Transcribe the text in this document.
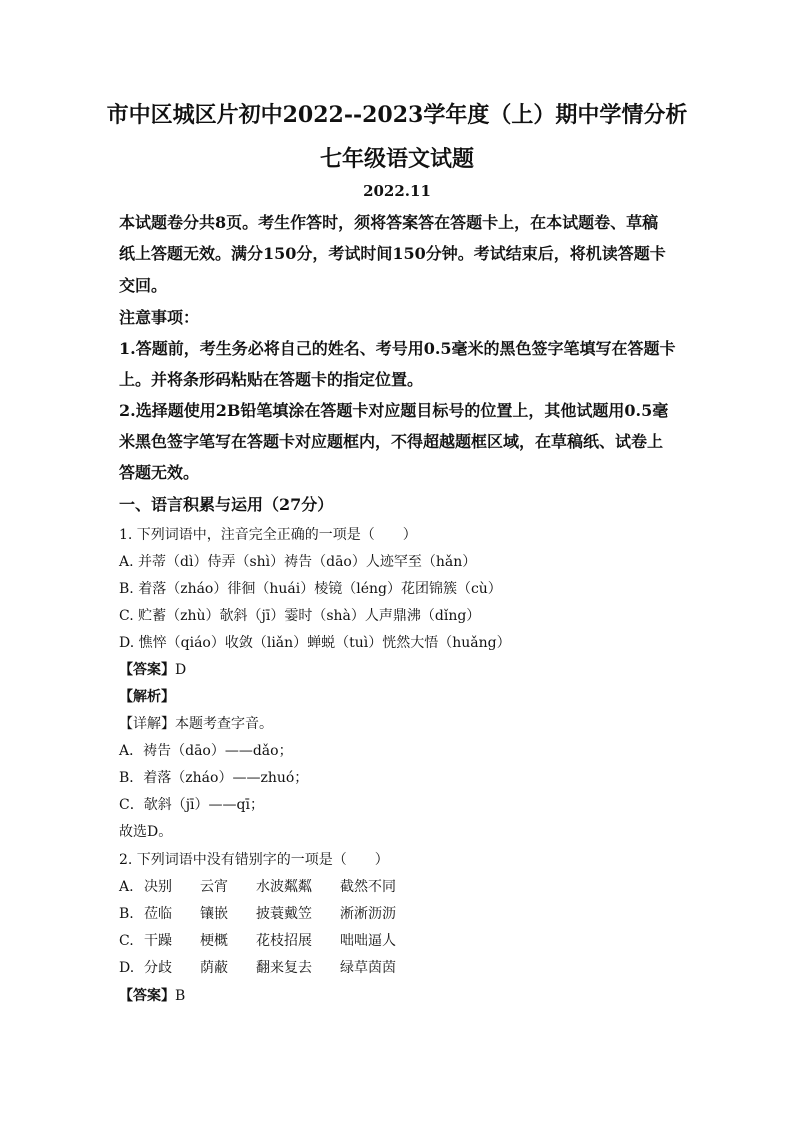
市中区城区片初中2022--2023学年度（上）期中学情分析
七年级语文试题
2022.11
本试题卷分共8页。考生作答时，须将答案答在答题卡上，在本试题卷、草稿
纸上答题无效。满分150分，考试时间150分钟。考试结束后，将机读答题卡
交回。
注意事项：
1.答题前，考生务必将自己的姓名、考号用0.5毫米的黑色签字笔填写在答题卡
上。并将条形码粘贴在答题卡的指定位置。
2.选择题使用2B铅笔填涂在答题卡对应题目标号的位置上，其他试题用0.5毫
米黑色签字笔写在答题卡对应题框内，不得超越题框区域，在草稿纸、试卷上
答题无效。
一、语言积累与运用（27分）
1. 下列词语中，注音完全正确的一项是（　　）
A. 并蒂（dì）侍弄（shì）祷告（dāo）人迹罕至（hǎn）
B. 着落（zháo）徘徊（huái）棱镜（léng）花团锦簇（cù）
C. 贮蓄（zhù）欹斜（jī）霎时（shà）人声鼎沸（dǐng）
D. 憔悴（qiáo）收敛（liǎn）蝉蜕（tuì）恍然大悟（huǎng）
【答案】D
【解析】
【详解】本题考查字音。
A．祷告（dāo）——dǎo；
B．着落（zháo）——zhuó；
C．欹斜（jī）——qī；
故选D。
2. 下列词语中没有错别字的一项是（　　）
A. 决别 云宵 水波粼粼 截然不同
B. 莅临 镶嵌 披蓑戴笠 淅淅沥沥
C. 干躁 梗概 花枝招展 咄咄逼人
D. 分歧 荫蔽 翻来复去 绿草茵茵
【答案】B
